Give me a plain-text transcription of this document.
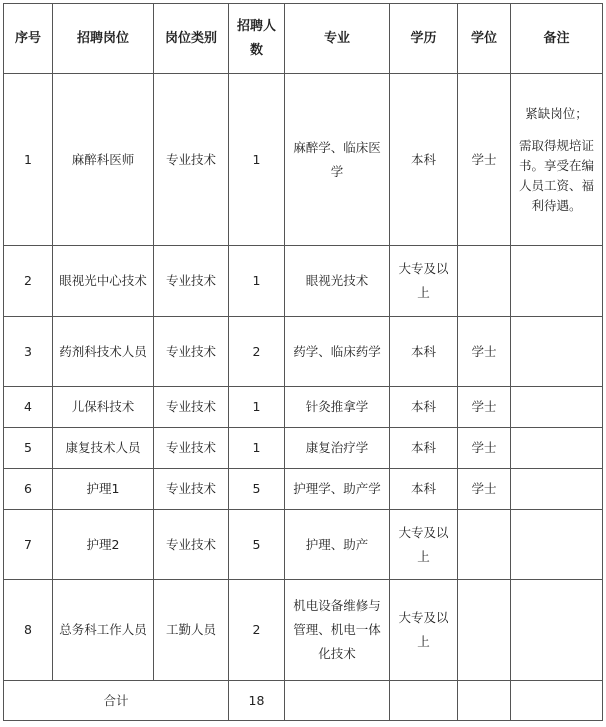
序号	招聘岗位	岗位类别	招聘人数	专业	学历	学位	备注
1	麻醉科医师	专业技术	1	麻醉学、临床医学	本科	学士	紧缺岗位；

需取得规培证书。享受在编人员工资、福利待遇。

2	眼视光中心技术	专业技术	1	眼视光技术	大专及以上		
3	药剂科技术人员	专业技术	2	药学、临床药学	本科	学士	
4	儿保科技术	专业技术	1	针灸推拿学	本科	学士	
5	康复技术人员	专业技术	1	康复治疗学	本科	学士	
6	护理1	专业技术	5	护理学、助产学	本科	学士	
7	护理2	专业技术	5	护理、助产	大专及以上		
8	总务科工作人员	工勤人员	2	机电设备维修与管理、机电一体化技术	大专及以上		
合计			18				
